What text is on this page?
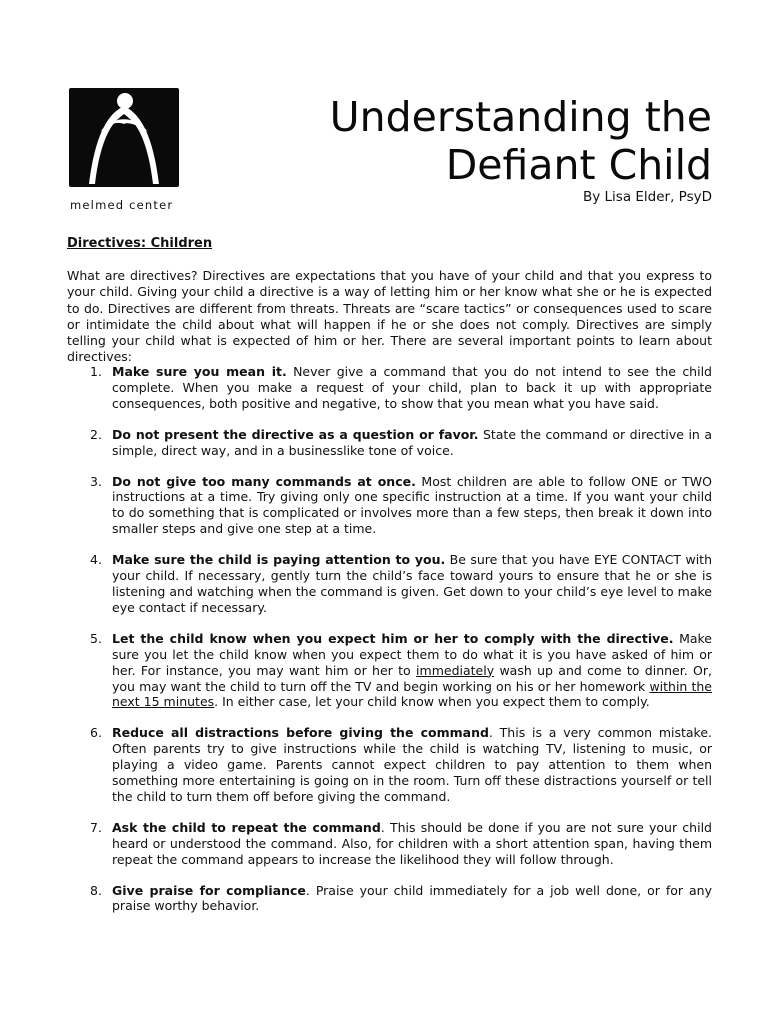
melmed center
Understanding the
Defiant Child

By Lisa Elder, PsyD

Directives: Children

What are directives? Directives are expectations that you have of your child and that you express to your child. Giving your child a directive is a way of letting him or her know what she or he is expected to do. Directives are different from threats. Threats are “scare tactics” or consequences used to scare or intimidate the child about what will happen if he or she does not comply. Directives are simply telling your child what is expected of him or her. There are several important points to learn about directives:

1. Make sure you mean it. Never give a command that you do not intend to see the child complete. When you make a request of your child, plan to back it up with appropriate consequences, both positive and negative, to show that you mean what you have said.
2. Do not present the directive as a question or favor. State the command or directive in a simple, direct way, and in a businesslike tone of voice.
3. Do not give too many commands at once. Most children are able to follow ONE or TWO instructions at a time. Try giving only one specific instruction at a time. If you want your child to do something that is complicated or involves more than a few steps, then break it down into smaller steps and give one step at a time.
4. Make sure the child is paying attention to you. Be sure that you have EYE CONTACT with your child. If necessary, gently turn the child’s face toward yours to ensure that he or she is listening and watching when the command is given. Get down to your child’s eye level to make eye contact if necessary.
5. Let the child know when you expect him or her to comply with the directive. Make sure you let the child know when you expect them to do what it is you have asked of him or her. For instance, you may want him or her to immediately wash up and come to dinner. Or, you may want the child to turn off the TV and begin working on his or her homework within the next 15 minutes. In either case, let your child know when you expect them to comply.
6. Reduce all distractions before giving the command. This is a very common mistake. Often parents try to give instructions while the child is watching TV, listening to music, or playing a video game. Parents cannot expect children to pay attention to them when something more entertaining is going on in the room. Turn off these distractions yourself or tell the child to turn them off before giving the command.
7. Ask the child to repeat the command. This should be done if you are not sure your child heard or understood the command. Also, for children with a short attention span, having them repeat the command appears to increase the likelihood they will follow through.
8. Give praise for compliance. Praise your child immediately for a job well done, or for any praise worthy behavior.
